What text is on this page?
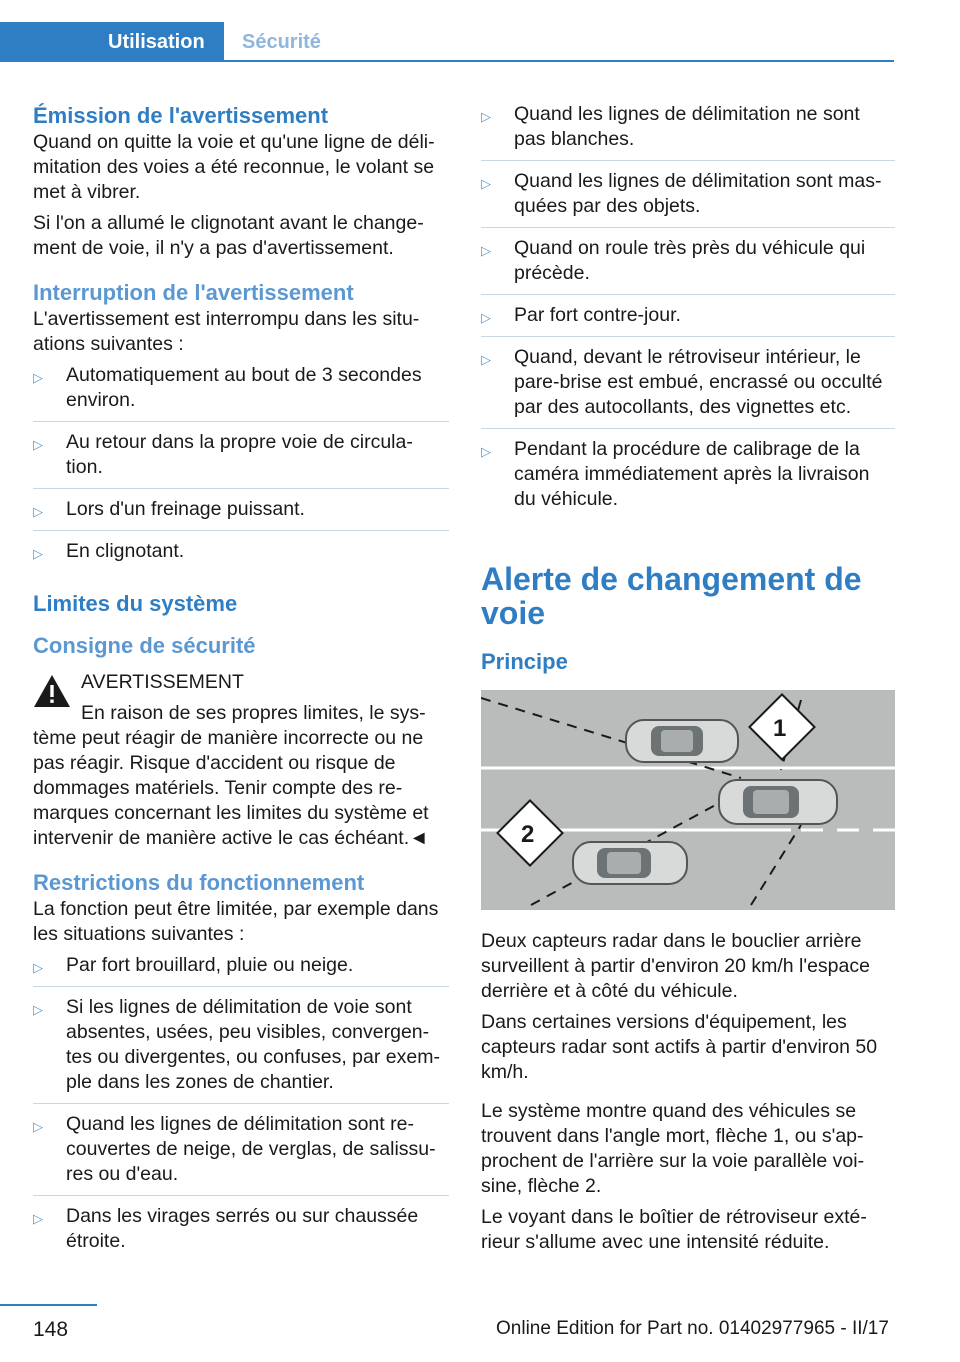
Utilisation	Sécurité
Émission de l'avertissement

Quand on quitte la voie et qu'une ligne de déli-mitation des voies a été reconnue, le volant se met à vibrer.

Si l'on a allumé le clignotant avant le change-ment de voie, il n'y a pas d'avertissement.

Interruption de l'avertissement

L'avertissement est interrompu dans les situ-ations suivantes :

▷ Automatiquement au bout de 3 secondes environ.
▷ Au retour dans la propre voie de circula-tion.
▷ Lors d'un freinage puissant.
▷ En clignotant.
Limites du système
Consigne de sécurité
AVERTISSEMENT
En raison de ses propres limites, le sys-

tème peut réagir de manière incorrecte ou ne pas réagir. Risque d'accident ou risque de dommages matériels. Tenir compte des re-marques concernant les limites du système et intervenir de manière active le cas échéant.◄

Restrictions du fonctionnement

La fonction peut être limitée, par exemple dans les situations suivantes :

▷ Par fort brouillard, pluie ou neige.
▷ Si les lignes de délimitation de voie sont absentes, usées, peu visibles, convergen-tes ou divergentes, ou confuses, par exem-ple dans les zones de chantier.
▷ Quand les lignes de délimitation sont re-couvertes de neige, de verglas, de salissu-res ou d'eau.
▷ Dans les virages serrés ou sur chaussée étroite.
▷ Quand les lignes de délimitation ne sont pas blanches.
▷ Quand les lignes de délimitation sont mas-quées par des objets.
▷ Quand on roule très près du véhicule qui précède.
▷ Par fort contre-jour.
▷ Quand, devant le rétroviseur intérieur, le pare-brise est embué, encrassé ou occulté par des autocollants, des vignettes etc.
▷ Pendant la procédure de calibrage de la caméra immédiatement après la livraison du véhicule.
Alerte de changement de voie
Principe
1
2

Deux capteurs radar dans le bouclier arrière surveillent à partir d'environ 20 km/h l'espace derrière et à côté du véhicule.

Dans certaines versions d'équipement, les capteurs radar sont actifs à partir d'environ 50 km/h.

Le système montre quand des véhicules se trouvent dans l'angle mort, flèche 1, ou s'ap-prochent de l'arrière sur la voie parallèle voi-sine, flèche 2.

Le voyant dans le boîtier de rétroviseur exté-rieur s'allume avec une intensité réduite.

148	Online Edition for Part no. 01402977965 - II/17
